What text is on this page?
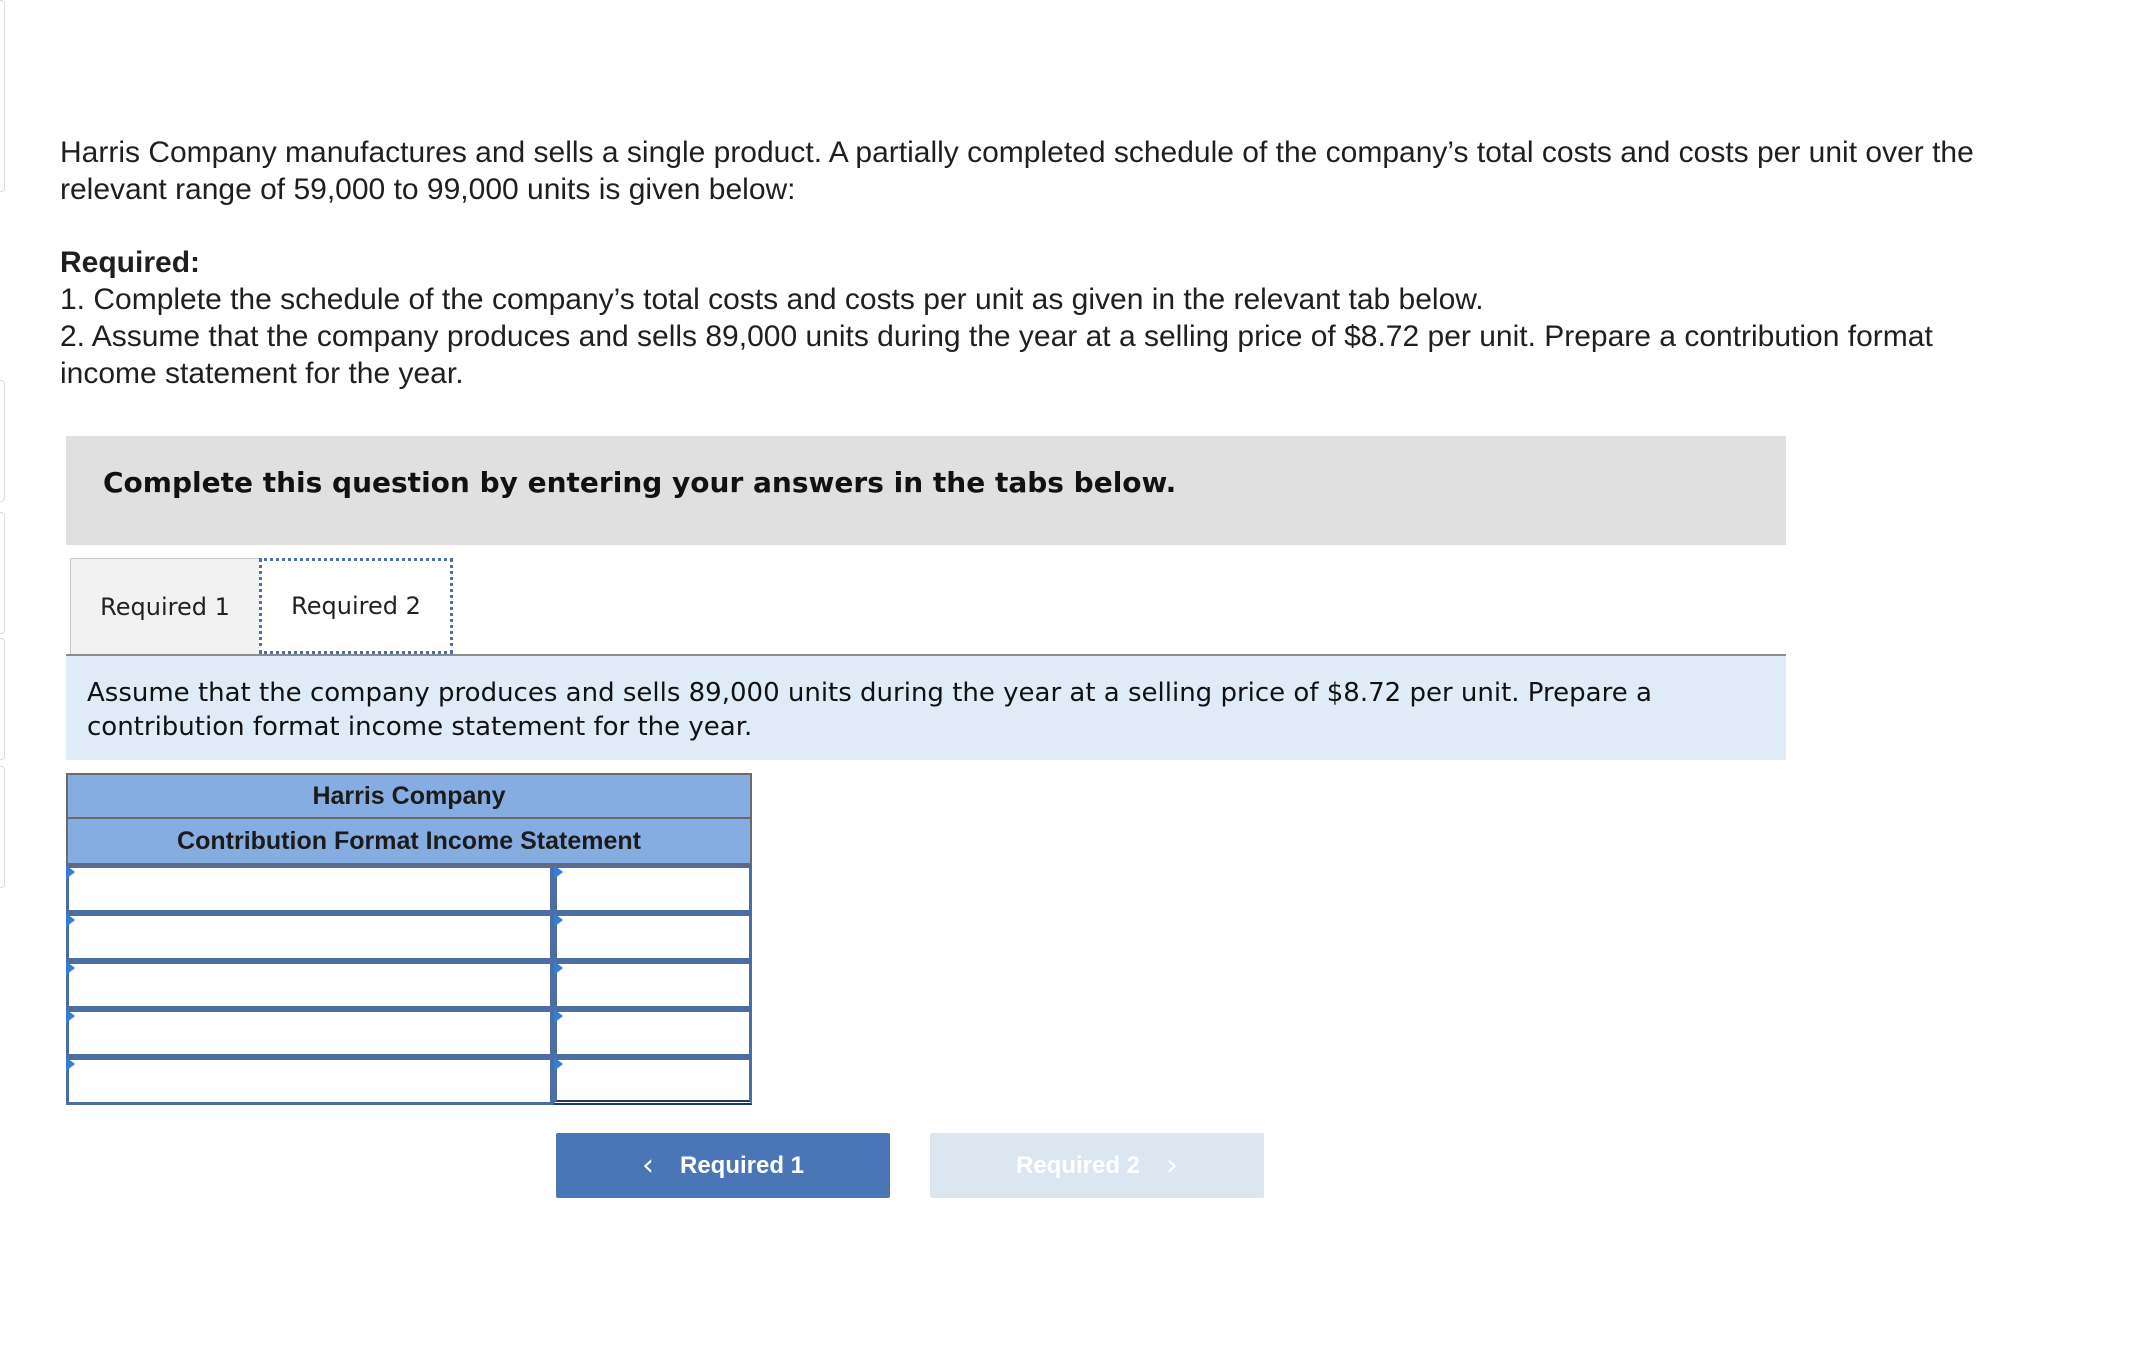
Harris Company manufactures and sells a single product. A partially completed schedule of the company’s total costs and costs per unit over the relevant range of 59,000 to 99,000 units is given below:

Required:

1. Complete the schedule of the company’s total costs and costs per unit as given in the relevant tab below.

2. Assume that the company produces and sells 89,000 units during the year at a selling price of $8.72 per unit. Prepare a contribution format income statement for the year.

Complete this question by entering your answers in the tabs below.
Required 1	Required 2
Assume that the company produces and sells 89,000 units during the year at a selling price of $8.72 per unit. Prepare a contribution format income statement for the year.
Harris Company
Contribution Format Income Statement
‹ Required 1	Required 2 ›
